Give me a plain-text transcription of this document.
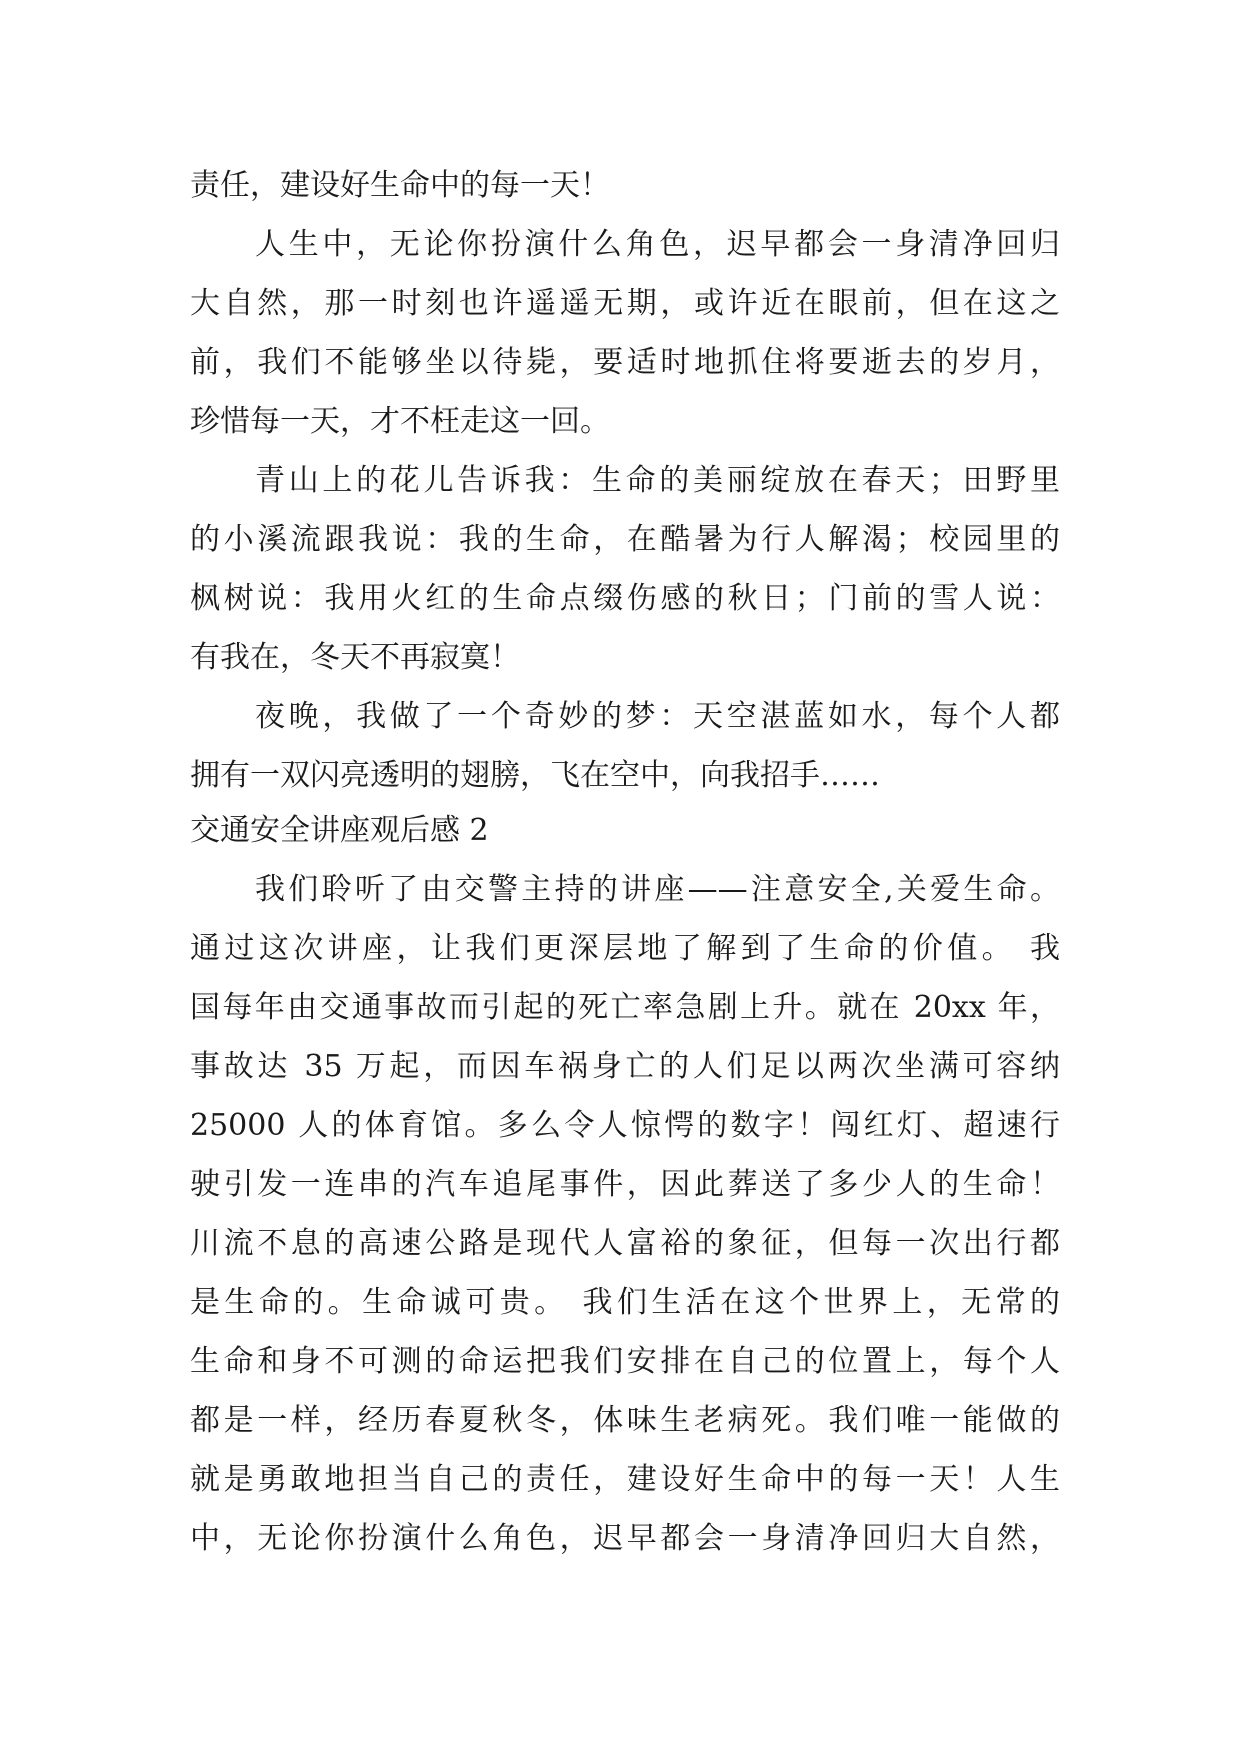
责任，建设好生命中的每一天！
人生中，无论你扮演什么角色，迟早都会一身清净回归
大自然，那一时刻也许遥遥无期，或许近在眼前，但在这之
前，我们不能够坐以待毙，要适时地抓住将要逝去的岁月，
珍惜每一天，才不枉走这一回。
青山上的花儿告诉我：生命的美丽绽放在春天；田野里
的小溪流跟我说：我的生命，在酷暑为行人解渴；校园里的
枫树说：我用火红的生命点缀伤感的秋日；门前的雪人说：
有我在，冬天不再寂寞！
夜晚，我做了一个奇妙的梦：天空湛蓝如水，每个人都
拥有一双闪亮透明的翅膀，飞在空中，向我招手……
交通安全讲座观后感 2
我们聆听了由交警主持的讲座——注意安全,关爱生命。
通过这次讲座，让我们更深层地了解到了生命的价值。 我
国每年由交通事故而引起的死亡率急剧上升。就在 20xx 年，
事故达 35 万起，而因车祸身亡的人们足以两次坐满可容纳
25000 人的体育馆。多么令人惊愕的数字！闯红灯、超速行
驶引发一连串的汽车追尾事件，因此葬送了多少人的生命！
川流不息的高速公路是现代人富裕的象征，但每一次出行都
是生命的。生命诚可贵。 我们生活在这个世界上，无常的
生命和身不可测的命运把我们安排在自己的位置上，每个人
都是一样，经历春夏秋冬，体味生老病死。我们唯一能做的
就是勇敢地担当自己的责任，建设好生命中的每一天！人生
中，无论你扮演什么角色，迟早都会一身清净回归大自然，
